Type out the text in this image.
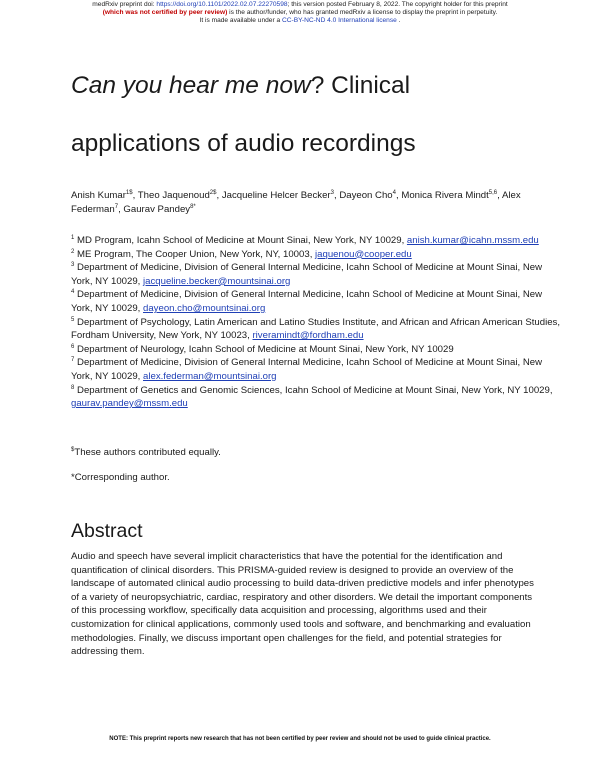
medRxiv preprint doi: https://doi.org/10.1101/2022.02.07.22270598; this version posted February 8, 2022. The copyright holder for this preprint
(which was not certified by peer review) is the author/funder, who has granted medRxiv a license to display the preprint in perpetuity.
It is made available under a CC-BY-NC-ND 4.0 International license .
Can you hear me now? Clinical
applications of audio recordings
Anish Kumar$^{1\$}$, Theo Jaquenoud$^{2\$}$, Jacqueline Helcer Becker$^3$, Dayeon Cho$^4$, Monica Rivera Mindt$^{5,6}$, Alex Federman$^7$, Gaurav Pandey$^{8*}$
$^1$ MD Program, Icahn School of Medicine at Mount Sinai, New York, NY 10029, anish.kumar@icahn.mssm.edu
$^2$ ME Program, The Cooper Union, New York, NY, 10003, jaquenou@cooper.edu
$^3$ Department of Medicine, Division of General Internal Medicine, Icahn School of Medicine at Mount Sinai, New York, NY 10029, jacqueline.becker@mountsinai.org
$^4$ Department of Medicine, Division of General Internal Medicine, Icahn School of Medicine at Mount Sinai, New York, NY 10029, dayeon.cho@mountsinai.org
$^5$ Department of Psychology, Latin American and Latino Studies Institute, and African and African American Studies, Fordham University, New York, NY 10023, riveramindt@fordham.edu
$^6$ Department of Neurology, Icahn School of Medicine at Mount Sinai, New York, NY 10029
$^7$ Department of Medicine, Division of General Internal Medicine, Icahn School of Medicine at Mount Sinai, New York, NY 10029, alex.federman@mountsinai.org
$^8$ Department of Genetics and Genomic Sciences, Icahn School of Medicine at Mount Sinai, New York, NY 10029, gaurav.pandey@mssm.edu
$These authors contributed equally.
*Corresponding author.
Abstract
Audio and speech have several implicit characteristics that have the potential for the identification and quantification of clinical disorders. This PRISMA-guided review is designed to provide an overview of the landscape of automated clinical audio processing to build data-driven predictive models and infer phenotypes of a variety of neuropsychiatric, cardiac, respiratory and other disorders. We detail the important components of this processing workflow, specifically data acquisition and processing, algorithms used and their customization for clinical applications, commonly used tools and software, and benchmarking and evaluation methodologies. Finally, we discuss important open challenges for the field, and potential strategies for addressing them.
NOTE: This preprint reports new research that has not been certified by peer review and should not be used to guide clinical practice.
